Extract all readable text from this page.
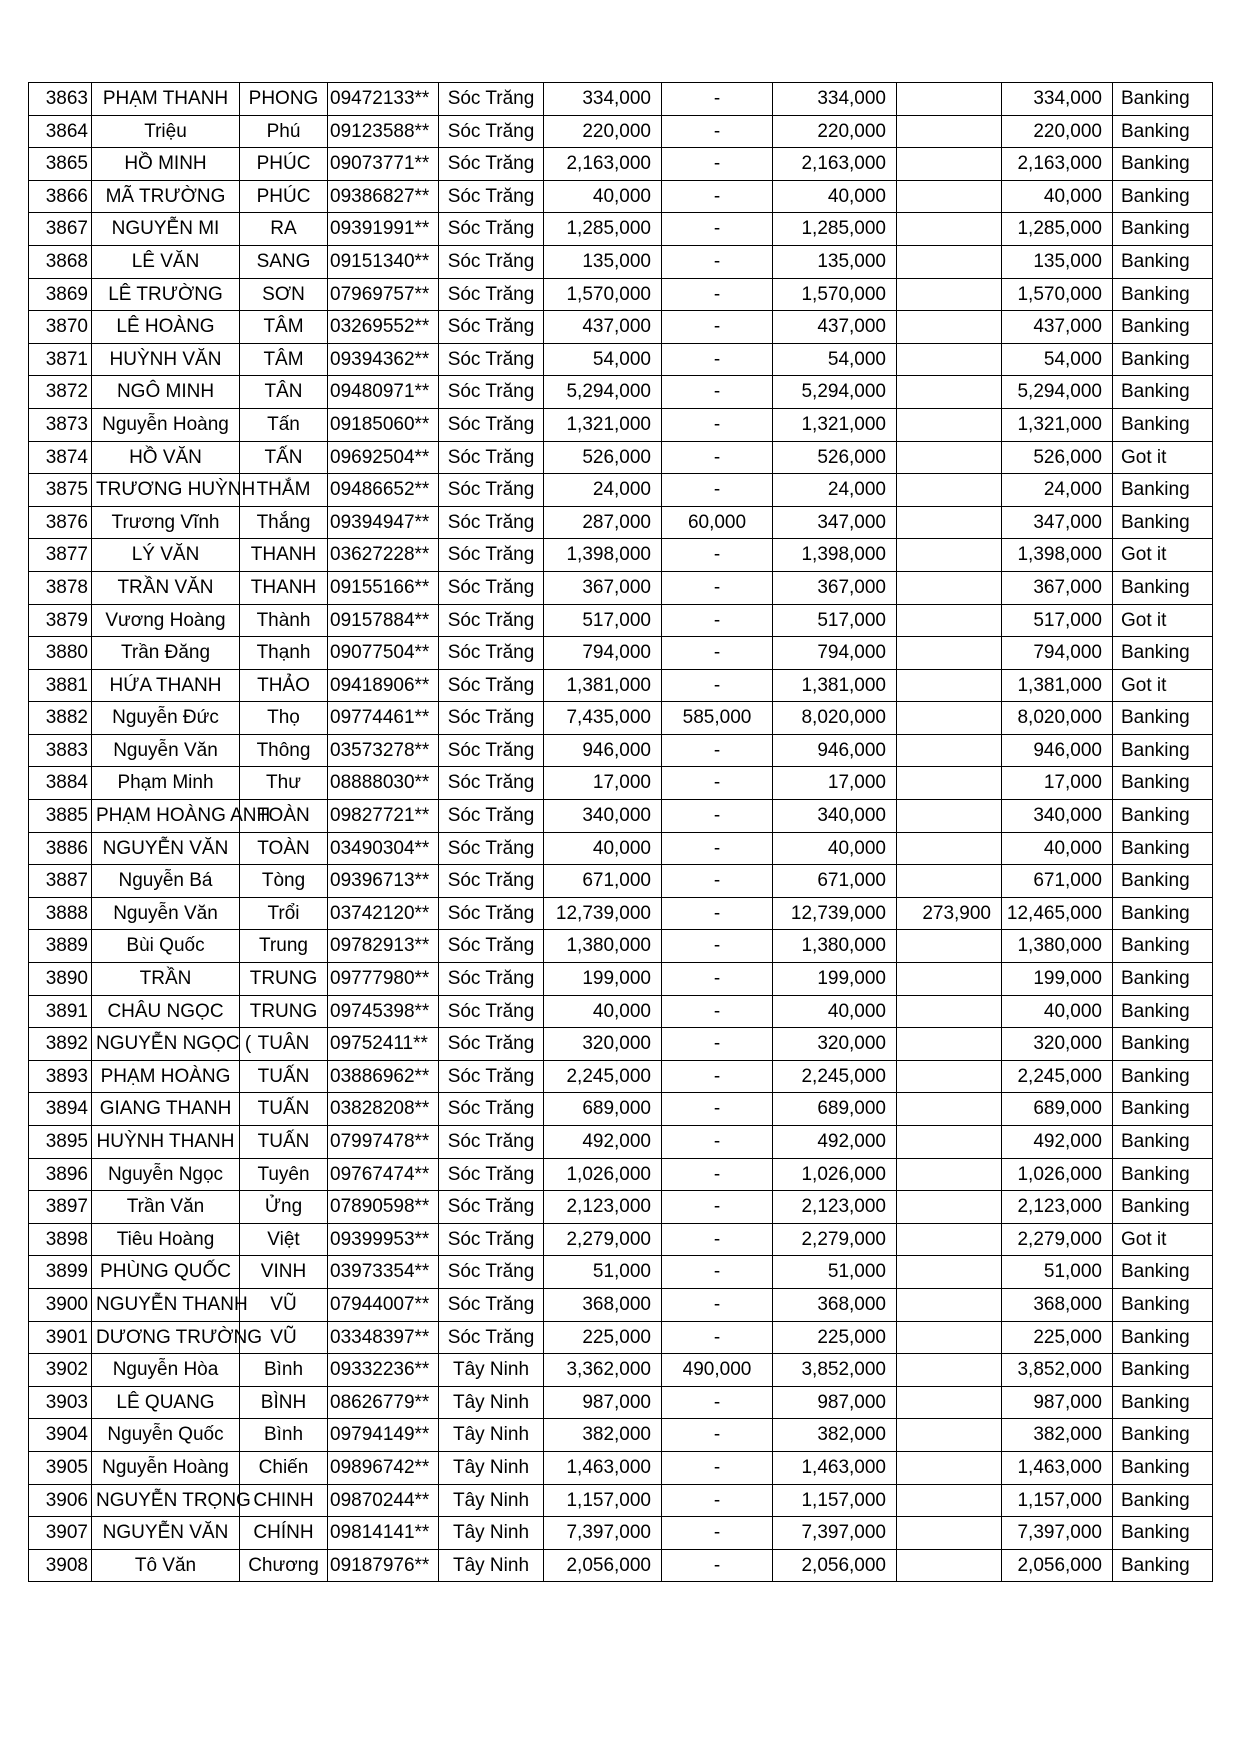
3863	PHẠM THANH	PHONG	09472133**	Sóc Trăng	334,000	-	334,000		334,000	Banking
3864	Triệu	Phú	09123588**	Sóc Trăng	220,000	-	220,000		220,000	Banking
3865	HỒ MINH	PHÚC	09073771**	Sóc Trăng	2,163,000	-	2,163,000		2,163,000	Banking
3866	MÃ TRƯỜNG	PHÚC	09386827**	Sóc Trăng	40,000	-	40,000		40,000	Banking
3867	NGUYỄN MI	RA	09391991**	Sóc Trăng	1,285,000	-	1,285,000		1,285,000	Banking
3868	LÊ VĂN	SANG	09151340**	Sóc Trăng	135,000	-	135,000		135,000	Banking
3869	LÊ TRƯỜNG	SƠN	07969757**	Sóc Trăng	1,570,000	-	1,570,000		1,570,000	Banking
3870	LÊ HOÀNG	TÂM	03269552**	Sóc Trăng	437,000	-	437,000		437,000	Banking
3871	HUỲNH VĂN	TÂM	09394362**	Sóc Trăng	54,000	-	54,000		54,000	Banking
3872	NGÔ MINH	TÂN	09480971**	Sóc Trăng	5,294,000	-	5,294,000		5,294,000	Banking
3873	Nguyễn Hoàng	Tấn	09185060**	Sóc Trăng	1,321,000	-	1,321,000		1,321,000	Banking
3874	HỒ VĂN	TẤN	09692504**	Sóc Trăng	526,000	-	526,000		526,000	Got it
3875	TRƯƠNG HUỲNH	THẮM	09486652**	Sóc Trăng	24,000	-	24,000		24,000	Banking
3876	Trương Vĩnh	Thắng	09394947**	Sóc Trăng	287,000	60,000	347,000		347,000	Banking
3877	LÝ VĂN	THANH	03627228**	Sóc Trăng	1,398,000	-	1,398,000		1,398,000	Got it
3878	TRẦN VĂN	THANH	09155166**	Sóc Trăng	367,000	-	367,000		367,000	Banking
3879	Vương Hoàng	Thành	09157884**	Sóc Trăng	517,000	-	517,000		517,000	Got it
3880	Trần Đăng	Thạnh	09077504**	Sóc Trăng	794,000	-	794,000		794,000	Banking
3881	HỨA THANH	THẢO	09418906**	Sóc Trăng	1,381,000	-	1,381,000		1,381,000	Got it
3882	Nguyễn Đức	Thọ	09774461**	Sóc Trăng	7,435,000	585,000	8,020,000		8,020,000	Banking
3883	Nguyễn Văn	Thông	03573278**	Sóc Trăng	946,000	-	946,000		946,000	Banking
3884	Phạm Minh	Thư	08888030**	Sóc Trăng	17,000	-	17,000		17,000	Banking
3885	PHẠM HOÀNG ANH	TOÀN	09827721**	Sóc Trăng	340,000	-	340,000		340,000	Banking
3886	NGUYỄN VĂN	TOÀN	03490304**	Sóc Trăng	40,000	-	40,000		40,000	Banking
3887	Nguyễn Bá	Tòng	09396713**	Sóc Trăng	671,000	-	671,000		671,000	Banking
3888	Nguyễn Văn	Trổi	03742120**	Sóc Trăng	12,739,000	-	12,739,000	273,900	12,465,000	Banking
3889	Bùi Quốc	Trung	09782913**	Sóc Trăng	1,380,000	-	1,380,000		1,380,000	Banking
3890	TRẦN	TRUNG	09777980**	Sóc Trăng	199,000	-	199,000		199,000	Banking
3891	CHÂU NGỌC	TRUNG	09745398**	Sóc Trăng	40,000	-	40,000		40,000	Banking
3892	NGUYỄN NGỌC (	TUÂN	09752411**	Sóc Trăng	320,000	-	320,000		320,000	Banking
3893	PHẠM HOÀNG	TUẤN	03886962**	Sóc Trăng	2,245,000	-	2,245,000		2,245,000	Banking
3894	GIANG THANH	TUẤN	03828208**	Sóc Trăng	689,000	-	689,000		689,000	Banking
3895	HUỲNH THANH	TUẤN	07997478**	Sóc Trăng	492,000	-	492,000		492,000	Banking
3896	Nguyễn Ngọc	Tuyên	09767474**	Sóc Trăng	1,026,000	-	1,026,000		1,026,000	Banking
3897	Trần Văn	Ửng	07890598**	Sóc Trăng	2,123,000	-	2,123,000		2,123,000	Banking
3898	Tiêu Hoàng	Việt	09399953**	Sóc Trăng	2,279,000	-	2,279,000		2,279,000	Got it
3899	PHÙNG QUỐC	VINH	03973354**	Sóc Trăng	51,000	-	51,000		51,000	Banking
3900	NGUYỄN THANH	VŨ	07944007**	Sóc Trăng	368,000	-	368,000		368,000	Banking
3901	DƯƠNG TRƯỜNG	VŨ	03348397**	Sóc Trăng	225,000	-	225,000		225,000	Banking
3902	Nguyễn Hòa	Bình	09332236**	Tây Ninh	3,362,000	490,000	3,852,000		3,852,000	Banking
3903	LÊ QUANG	BÌNH	08626779**	Tây Ninh	987,000	-	987,000		987,000	Banking
3904	Nguyễn Quốc	Bình	09794149**	Tây Ninh	382,000	-	382,000		382,000	Banking
3905	Nguyễn Hoàng	Chiến	09896742**	Tây Ninh	1,463,000	-	1,463,000		1,463,000	Banking
3906	NGUYỄN TRỌNG	CHINH	09870244**	Tây Ninh	1,157,000	-	1,157,000		1,157,000	Banking
3907	NGUYỄN VĂN	CHÍNH	09814141**	Tây Ninh	7,397,000	-	7,397,000		7,397,000	Banking
3908	Tô Văn	Chương	09187976**	Tây Ninh	2,056,000	-	2,056,000		2,056,000	Banking
